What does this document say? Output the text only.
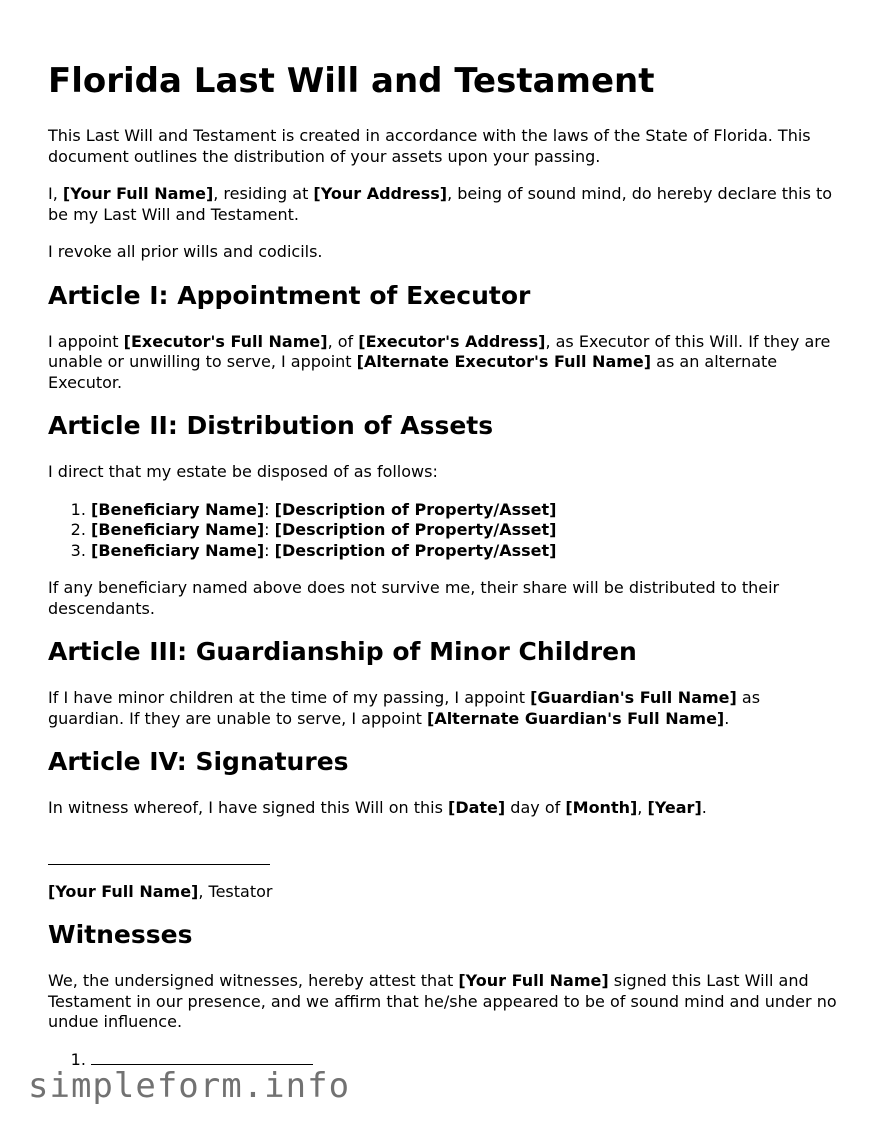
Florida Last Will and Testament

This Last Will and Testament is created in accordance with the laws of the State of Florida. This document outlines the distribution of your assets upon your passing.

I, [Your Full Name], residing at [Your Address], being of sound mind, do hereby declare this to be my Last Will and Testament.

I revoke all prior wills and codicils.

Article I: Appointment of Executor

I appoint [Executor's Full Name], of [Executor's Address], as Executor of this Will. If they are unable or unwilling to serve, I appoint [Alternate Executor's Full Name] as an alternate Executor.

Article II: Distribution of Assets

I direct that my estate be disposed of as follows:

1. [Beneficiary Name]: [Description of Property/Asset]
2. [Beneficiary Name]: [Description of Property/Asset]
3. [Beneficiary Name]: [Description of Property/Asset]

If any beneficiary named above does not survive me, their share will be distributed to their descendants.

Article III: Guardianship of Minor Children

If I have minor children at the time of my passing, I appoint [Guardian's Full Name] as guardian. If they are unable to serve, I appoint [Alternate Guardian's Full Name].

Article IV: Signatures

In witness whereof, I have signed this Will on this [Date] day of [Month], [Year].

[Your Full Name], Testator

Witnesses

We, the undersigned witnesses, hereby attest that [Your Full Name] signed this Last Will and Testament in our presence, and we affirm that he/she appeared to be of sound mind and under no undue influence.

1.
simpleform.info
